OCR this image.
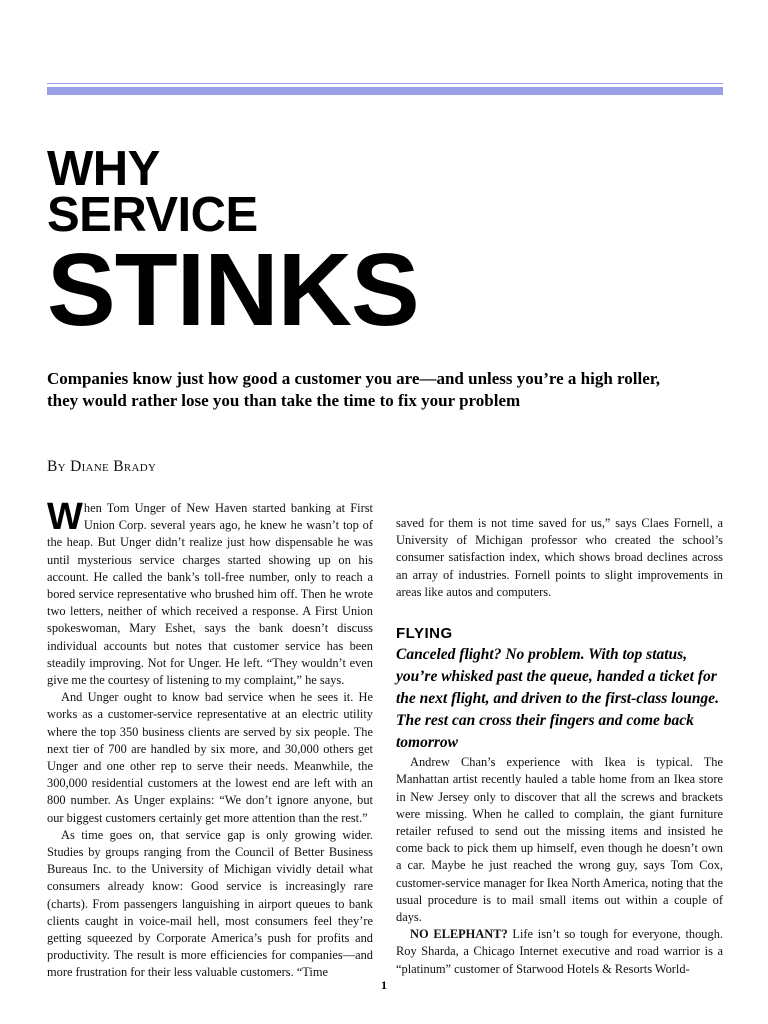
WHY
SERVICE
STINKS

Companies know just how good a customer you are—and unless you’re a high roller,
they would rather lose you than take the time to fix your problem

By Diane Brady

When Tom Unger of New Haven started banking at First Union Corp. several years ago, he knew he wasn’t top of the heap. But Unger didn’t realize just how dispensable he was until mysterious service charges started showing up on his account. He called the bank’s toll-free number, only to reach a bored service representative who brushed him off. Then he wrote two letters, neither of which received a response. A First Union spokeswoman, Mary Eshet, says the bank doesn’t discuss individual accounts but notes that customer service has been steadily improving. Not for Unger. He left. “They wouldn’t even give me the courtesy of listening to my complaint,” he says.

And Unger ought to know bad service when he sees it. He works as a customer-service representative at an electric utility where the top 350 business clients are served by six people. The next tier of 700 are handled by six more, and 30,000 others get Unger and one other rep to serve their needs. Meanwhile, the 300,000 residential customers at the lowest end are left with an 800 number. As Unger explains: “We don’t ignore anyone, but our biggest customers certainly get more attention than the rest.”

As time goes on, that service gap is only growing wider. Studies by groups ranging from the Council of Better Business Bureaus Inc. to the University of Michigan vividly detail what consumers already know: Good service is increasingly rare (charts). From passengers languishing in airport queues to bank clients caught in voice-mail hell, most consumers feel they’re getting squeezed by Corporate America’s push for profits and productivity. The result is more efficiencies for companies—and more frustration for their less valuable customers. “Time

saved for them is not time saved for us,” says Claes Fornell, a University of Michigan professor who created the school’s consumer satisfaction index, which shows broad declines across an array of industries. Fornell points to slight improvements in areas like autos and computers.

FLYING

Canceled flight? No problem. With top status, you’re whisked past the queue, handed a ticket for the next flight, and driven to the first-class lounge. The rest can cross their fingers and come back tomorrow

Andrew Chan’s experience with Ikea is typical. The Manhattan artist recently hauled a table home from an Ikea store in New Jersey only to discover that all the screws and brackets were missing. When he called to complain, the giant furniture retailer refused to send out the missing items and insisted he come back to pick them up himself, even though he doesn’t own a car. Maybe he just reached the wrong guy, says Tom Cox, customer-service manager for Ikea North America, noting that the usual procedure is to mail small items out within a couple of days.

NO ELEPHANT? Life isn’t so tough for everyone, though. Roy Sharda, a Chicago Internet executive and road warrior is a “platinum” customer of Starwood Hotels & Resorts World-

1
